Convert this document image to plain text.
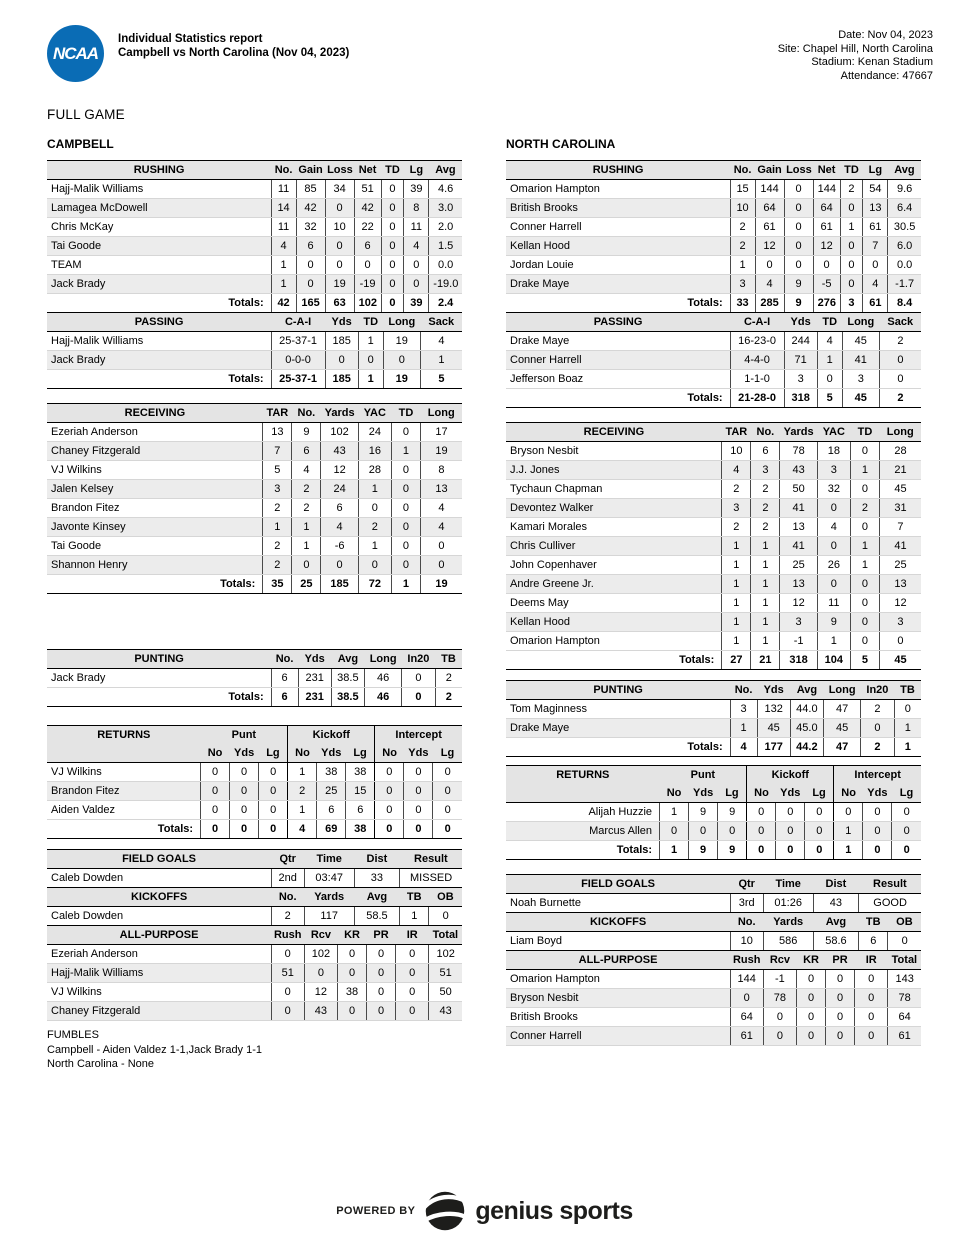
NCAA
Individual Statistics report
Campbell vs North Carolina (Nov 04, 2023)
Date: Nov 04, 2023
Site: Chapel Hill, North Carolina
Stadium: Kenan Stadium
Attendance: 47667
FULL GAME
CAMPBELL
RUSHING	No.	Gain	Loss	Net	TD	Lg	Avg
Hajj-Malik Williams	11	85	34	51	0	39	4.6
Lamagea McDowell	14	42	0	42	0	8	3.0
Chris McKay	11	32	10	22	0	11	2.0
Tai Goode	4	6	0	6	0	4	1.5
TEAM	1	0	0	0	0	0	0.0
Jack Brady	1	0	19	-19	0	0	-19.0
Totals:	42	165	63	102	0	39	2.4
PASSING	C-A-I	Yds	TD	Long	Sack
Hajj-Malik Williams	25-37-1	185	1	19	4
Jack Brady	0-0-0	0	0	0	1
Totals:	25-37-1	185	1	19	5
RECEIVING	TAR	No.	Yards	YAC	TD	Long
Ezeriah Anderson	13	9	102	24	0	17
Chaney Fitzgerald	7	6	43	16	1	19
VJ Wilkins	5	4	12	28	0	8
Jalen Kelsey	3	2	24	1	0	13
Brandon Fitez	2	2	6	0	0	4
Javonte Kinsey	1	1	4	2	0	4
Tai Goode	2	1	-6	1	0	0
Shannon Henry	2	0	0	0	0	0
Totals:	35	25	185	72	1	19
PUNTING	No.	Yds	Avg	Long	In20	TB
Jack Brady	6	231	38.5	46	0	2
Totals:	6	231	38.5	46	0	2
RETURNS	Punt			Kickoff			Intercept		
	No	Yds	Lg	No	Yds	Lg	No	Yds	Lg
VJ Wilkins	0	0	0	1	38	38	0	0	0
Brandon Fitez	0	0	0	2	25	15	0	0	0
Aiden Valdez	0	0	0	1	6	6	0	0	0
Totals:	0	0	0	4	69	38	0	0	0
FIELD GOALS	Qtr	Time	Dist	Result
Caleb Dowden	2nd	03:47	33	MISSED
KICKOFFS	No.	Yards	Avg	TB	OB
Caleb Dowden	2	117	58.5	1	0
ALL-PURPOSE	Rush	Rcv	KR	PR	IR	Total
Ezeriah Anderson	0	102	0	0	0	102
Hajj-Malik Williams	51	0	0	0	0	51
VJ Wilkins	0	12	38	0	0	50
Chaney Fitzgerald	0	43	0	0	0	43
FUMBLES
Campbell - Aiden Valdez 1-1,Jack Brady 1-1
North Carolina - None
NORTH CAROLINA
RUSHING	No.	Gain	Loss	Net	TD	Lg	Avg
Omarion Hampton	15	144	0	144	2	54	9.6
British Brooks	10	64	0	64	0	13	6.4
Conner Harrell	2	61	0	61	1	61	30.5
Kellan Hood	2	12	0	12	0	7	6.0
Jordan Louie	1	0	0	0	0	0	0.0
Drake Maye	3	4	9	-5	0	4	-1.7
Totals:	33	285	9	276	3	61	8.4
PASSING	C-A-I	Yds	TD	Long	Sack
Drake Maye	16-23-0	244	4	45	2
Conner Harrell	4-4-0	71	1	41	0
Jefferson Boaz	1-1-0	3	0	3	0
Totals:	21-28-0	318	5	45	2
RECEIVING	TAR	No.	Yards	YAC	TD	Long
Bryson Nesbit	10	6	78	18	0	28
J.J. Jones	4	3	43	3	1	21
Tychaun Chapman	2	2	50	32	0	45
Devontez Walker	3	2	41	0	2	31
Kamari Morales	2	2	13	4	0	7
Chris Culliver	1	1	41	0	1	41
John Copenhaver	1	1	25	26	1	25
Andre Greene Jr.	1	1	13	0	0	13
Deems May	1	1	12	11	0	12
Kellan Hood	1	1	3	9	0	3
Omarion Hampton	1	1	-1	1	0	0
Totals:	27	21	318	104	5	45
PUNTING	No.	Yds	Avg	Long	In20	TB
Tom Maginness	3	132	44.0	47	2	0
Drake Maye	1	45	45.0	45	0	1
Totals:	4	177	44.2	47	2	1
RETURNS	Punt			Kickoff			Intercept		
	No	Yds	Lg	No	Yds	Lg	No	Yds	Lg
Alijah Huzzie	1	9	9	0	0	0	0	0	0
Marcus Allen	0	0	0	0	0	0	1	0	0
Totals:	1	9	9	0	0	0	1	0	0
FIELD GOALS	Qtr	Time	Dist	Result
Noah Burnette	3rd	01:26	43	GOOD
KICKOFFS	No.	Yards	Avg	TB	OB
Liam Boyd	10	586	58.6	6	0
ALL-PURPOSE	Rush	Rcv	KR	PR	IR	Total
Omarion Hampton	144	-1	0	0	0	143
Bryson Nesbit	0	78	0	0	0	78
British Brooks	64	0	0	0	0	64
Conner Harrell	61	0	0	0	0	61
POWERED BY genius sports
